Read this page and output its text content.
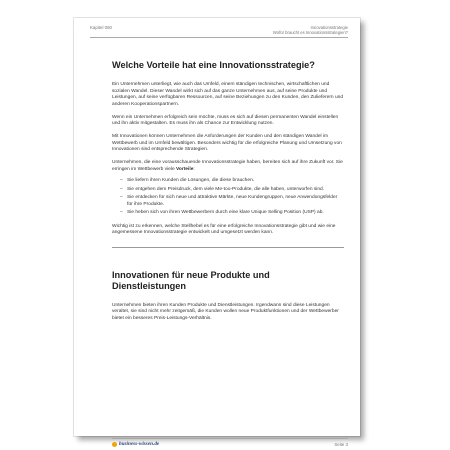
Kapitel 060	Innovationsstrategie
Wofür braucht es Innovationsstrategien?
Welche Vorteile hat eine Innovationsstrategie?

Ein Unternehmen unterliegt, wie auch das Umfeld, einem ständigen technischen, wirtschaftlichen und sozialen Wandel. Dieser Wandel wirkt sich auf das ganze Unternehmen aus, auf seine Produkte und Leistungen, auf seine verfügbaren Ressourcen, auf seine Beziehungen zu den Kunden, den Zulieferern und anderen Kooperationspartnern.

Wenn ein Unternehmen erfolgreich sein möchte, muss es sich auf diesen permanenten Wandel einstellen und ihn aktiv mitgestalten. Es muss ihn als Chance zur Entwicklung nutzen.

Mit Innovationen können Unternehmen die Anforderungen der Kunden und den ständigen Wandel im Wettbewerb und im Umfeld bewältigen. Besonders wichtig für die erfolgreiche Planung und Umsetzung von Innovationen sind entsprechende Strategien.

Unternehmen, die eine vorausschauende Innovationsstrategie haben, bereiten sich auf ihre Zukunft vor. Sie erringen im Wettbewerb viele Vorteile:

– Sie liefern ihren Kunden die Lösungen, die diese brauchen.
– Sie entgehen dem Preisdruck, dem viele Me-too-Produkte, die alle haben, unterworfen sind.
– Sie entdecken für sich neue und attraktive Märkte, neue Kundengruppen, neue Anwendungsfelder für ihre Produkte.
– Sie heben sich von ihren Wettbewerbern durch eine klare Unique Selling Position (USP) ab.

Wichtig ist zu erkennen, welche Stellhebel es für eine erfolgreiche Innovationsstrategie gibt und wie eine angemessene Innovationsstrategie entwickelt und umgesetzt werden kann.

Innovationen für neue Produkte und Dienstleistungen

Unternehmen bieten ihren Kunden Produkte und Dienstleistungen. Irgendwann sind diese Leistungen veraltet, sie sind nicht mehr zeitgemäß, die Kunden wollen neue Produktfunktionen und der Wettbewerber bietet ein besseres Preis-Leistungs-Verhältnis.

business-wissen.de	Seite 3
